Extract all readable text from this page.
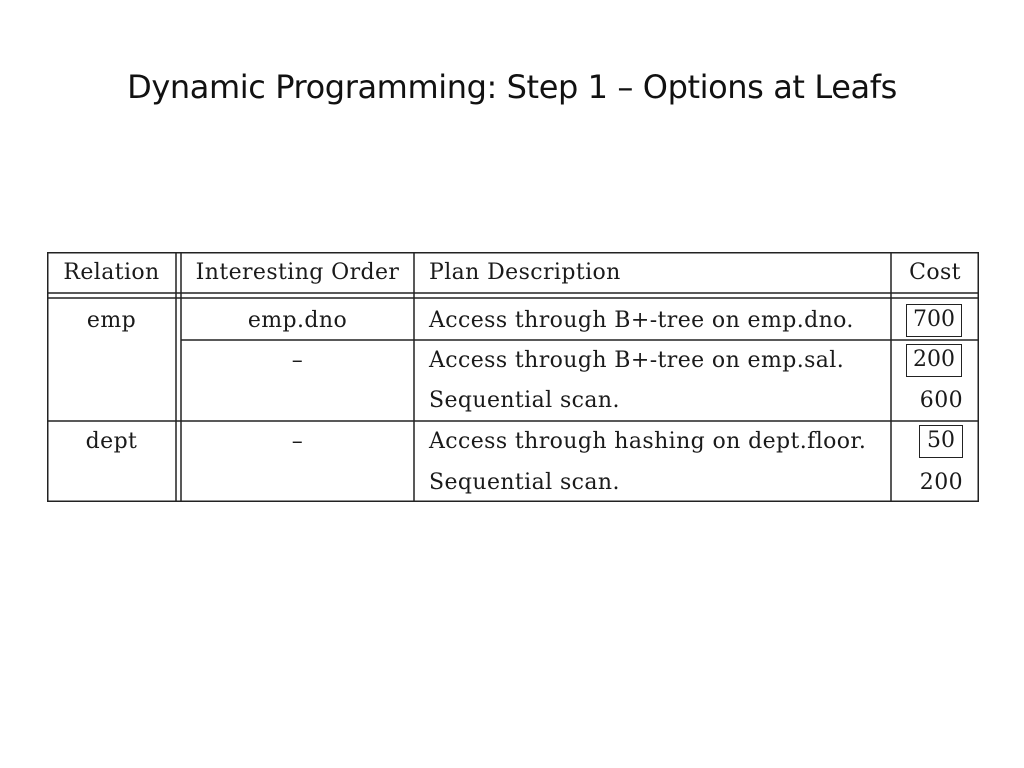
Dynamic Programming: Step 1 – Options at Leafs
Relation	Interesting Order	Plan Description	Cost
emp	emp.dno	Access through B+-tree on emp.dno.	700
–	Access through B+-tree on emp.sal.	200
Sequential scan.	600
dept	–	Access through hashing on dept.floor.	50
Sequential scan.	200
